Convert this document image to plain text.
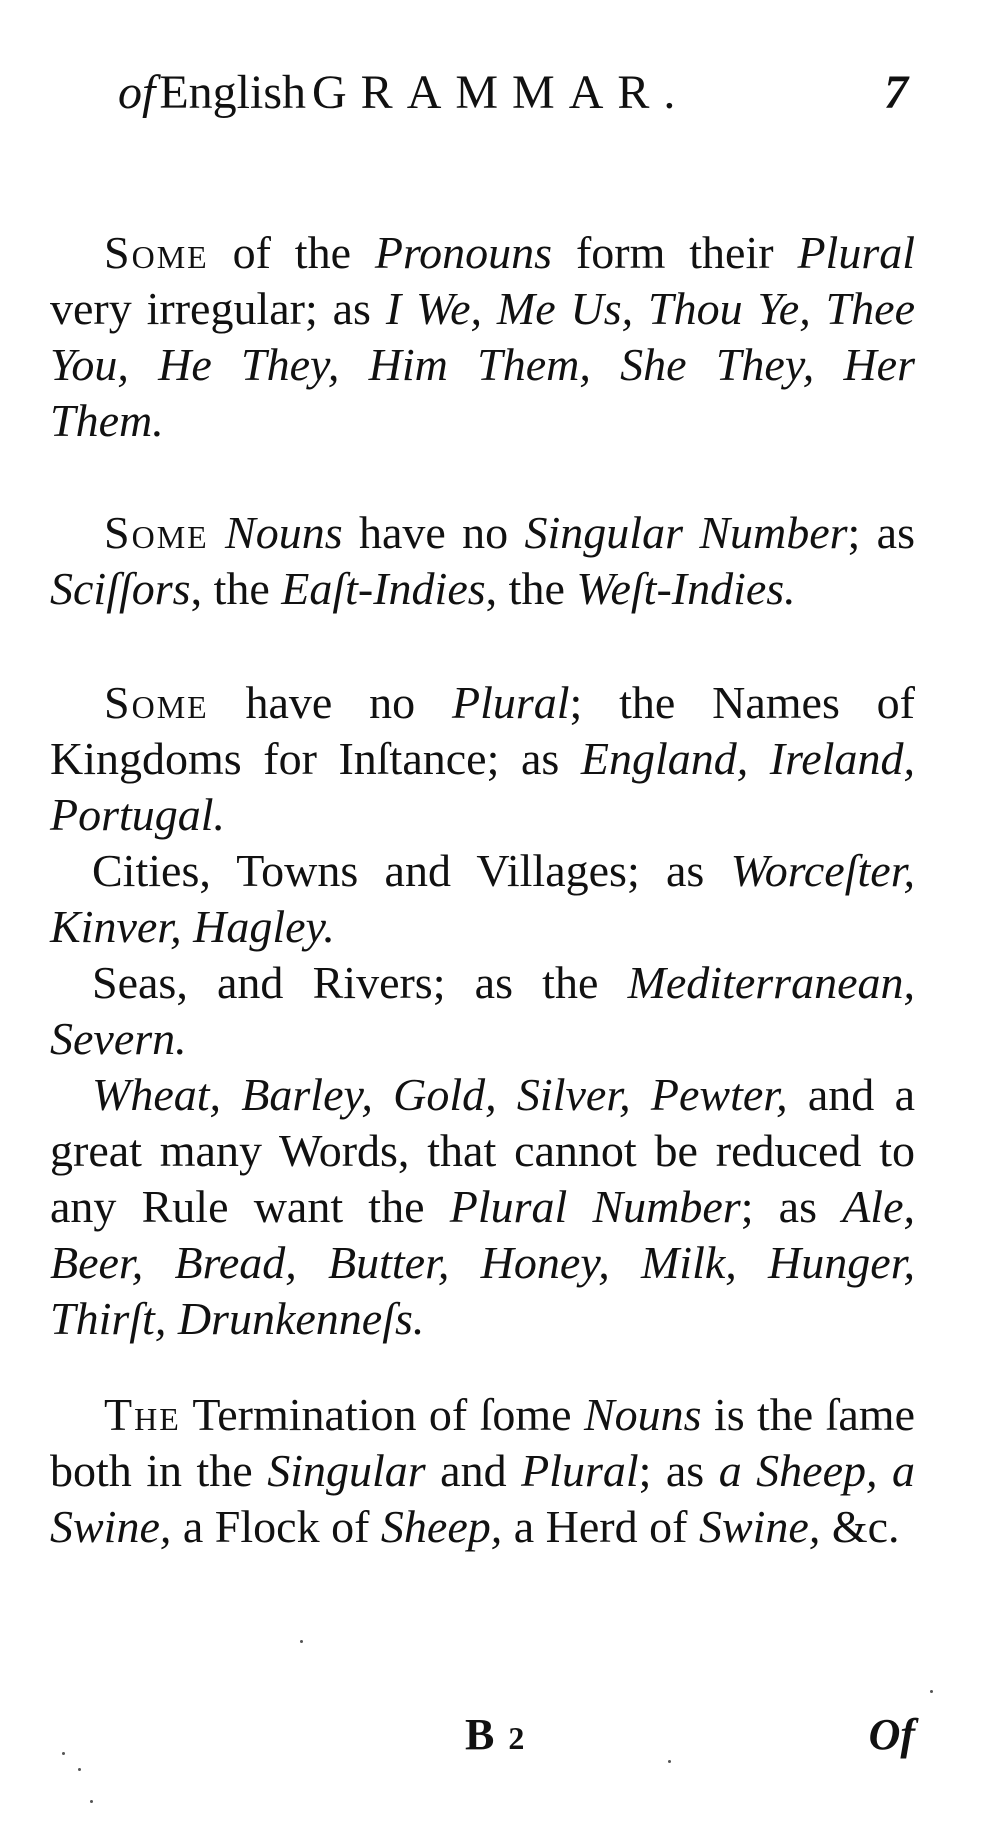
ofEnglish GRAMMAR.	7

Some of the Pronouns form their Plural very irregular; as I We, Me Us, Thou Ye, Thee You, He They, Him Them, She They, Her Them.

Some Nouns have no Singular Number; as Sciſſors, the Eaſt-Indies, the Weſt-Indies.

Some have no Plural; the Names of Kingdoms for Inſtance; as England, Ireland, Portugal.

Cities, Towns and Villages; as Worceſter, Kinver, Hagley.

Seas, and Rivers; as the Mediterranean, Severn.

Wheat, Barley, Gold, Silver, Pewter, and a great many Words, that cannot be reduced to any Rule want the Plural Number; as Ale, Beer, Bread, Butter, Honey, Milk, Hunger, Thirſt, Drunkenneſs.

The Termination of ſome Nouns is the ſame both in the Singular and Plural; as a Sheep, a Swine, a Flock of Sheep, a Herd of Swine, &c.

B 2	Of
